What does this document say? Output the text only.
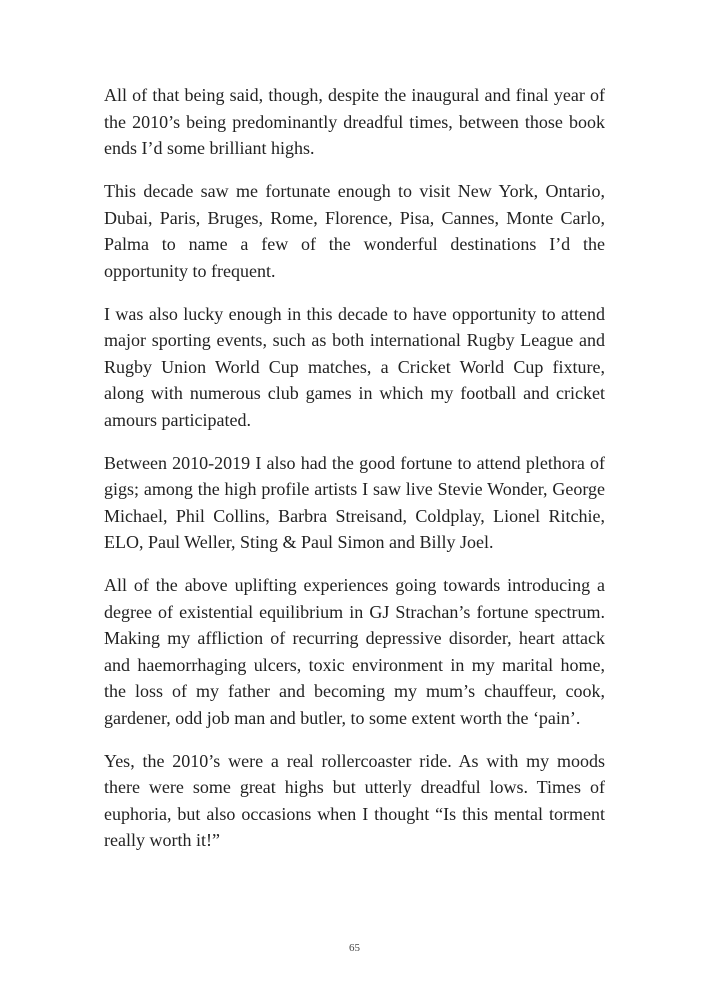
All of that being said, though, despite the inaugural and final year of the 2010’s being predominantly dreadful times, between those book ends I’d some brilliant highs.

This decade saw me fortunate enough to visit New York, Ontario, Dubai, Paris, Bruges, Rome, Florence, Pisa, Cannes, Monte Carlo, Palma to name a few of the wonderful destinations I’d the opportunity to frequent.

I was also lucky enough in this decade to have opportunity to attend major sporting events, such as both international Rugby League and Rugby Union World Cup matches, a Cricket World Cup fixture, along with numerous club games in which my football and cricket amours participated.

Between 2010-2019 I also had the good fortune to attend plethora of gigs; among the high profile artists I saw live Stevie Wonder, George Michael, Phil Collins, Barbra Streisand, Coldplay, Lionel Ritchie, ELO, Paul Weller, Sting & Paul Simon and Billy Joel.

All of the above uplifting experiences going towards introducing a degree of existential equilibrium in GJ Strachan’s fortune spectrum. Making my affliction of recurring depressive disorder, heart attack and haemorrhaging ulcers, toxic environment in my marital home, the loss of my father and becoming my mum’s chauffeur, cook, gardener, odd job man and butler, to some extent worth the ‘pain’.

Yes, the 2010’s were a real rollercoaster ride. As with my moods there were some great highs but utterly dreadful lows. Times of euphoria, but also occasions when I thought “Is this mental torment really worth it!”

65
